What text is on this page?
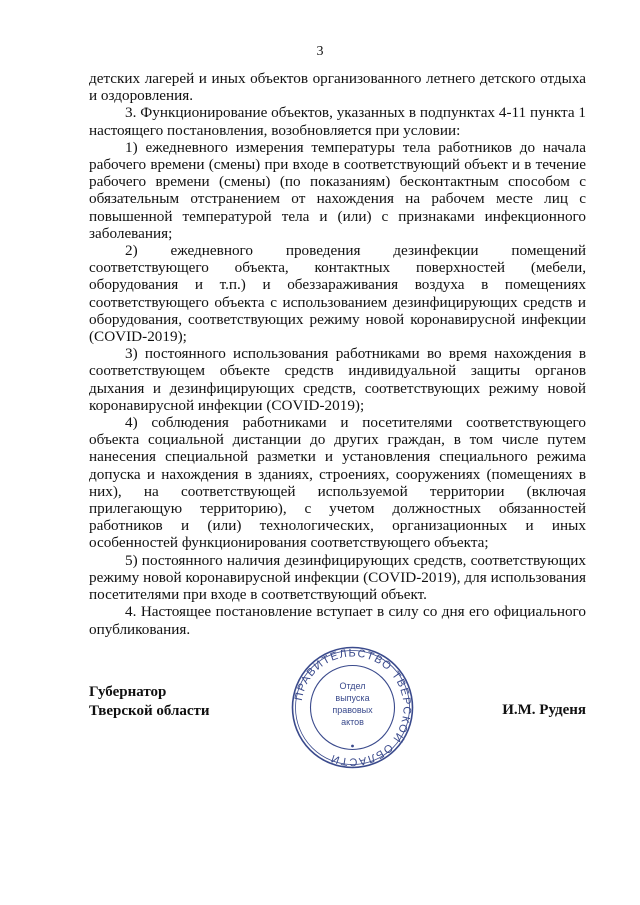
3

детских лагерей и иных объектов организованного летнего детского отдыха и оздоровления.

3. Функционирование объектов, указанных в подпунктах 4-11 пункта 1 настоящего постановления, возобновляется при условии:

1) ежедневного измерения температуры тела работников до начала рабочего времени (смены) при входе в соответствующий объект и в течение рабочего времени (смены) (по показаниям) бесконтактным способом с обязательным отстранением от нахождения на рабочем месте лиц с повышенной температурой тела и (или) с признаками инфекционного заболевания;

2) ежедневного проведения дезинфекции помещений соответствующего объекта, контактных поверхностей (мебели, оборудования и т.п.) и обеззараживания воздуха в помещениях соответствующего объекта с использованием дезинфицирующих средств и оборудования, соответствующих режиму новой коронавирусной инфекции (COVID-2019);

3) постоянного использования работниками во время нахождения в соответствующем объекте средств индивидуальной защиты органов дыхания и дезинфицирующих средств, соответствующих режиму новой коронавирусной инфекции (COVID-2019);

4) соблюдения работниками и посетителями соответствующего объекта социальной дистанции до других граждан, в том числе путем нанесения специальной разметки и установления специального режима допуска и нахождения в зданиях, строениях, сооружениях (помещениях в них), на соответствующей используемой территории (включая прилегающую территорию), с учетом должностных обязанностей работников и (или) технологических, организационных и иных особенностей функционирования соответствующего объекта;

5) постоянного наличия дезинфицирующих средств, соответствующих режиму новой коронавирусной инфекции (COVID-2019), для использования посетителями при входе в соответствующий объект.

4. Настоящее постановление вступает в силу со дня его официального опубликования.

Губернатор
Тверской области	И.М. Руденя
ПРАВИТЕЛЬСТВО ТВЕРСКОЙ ОБЛАСТИ
Отдел
выпуска
правовых
актов
